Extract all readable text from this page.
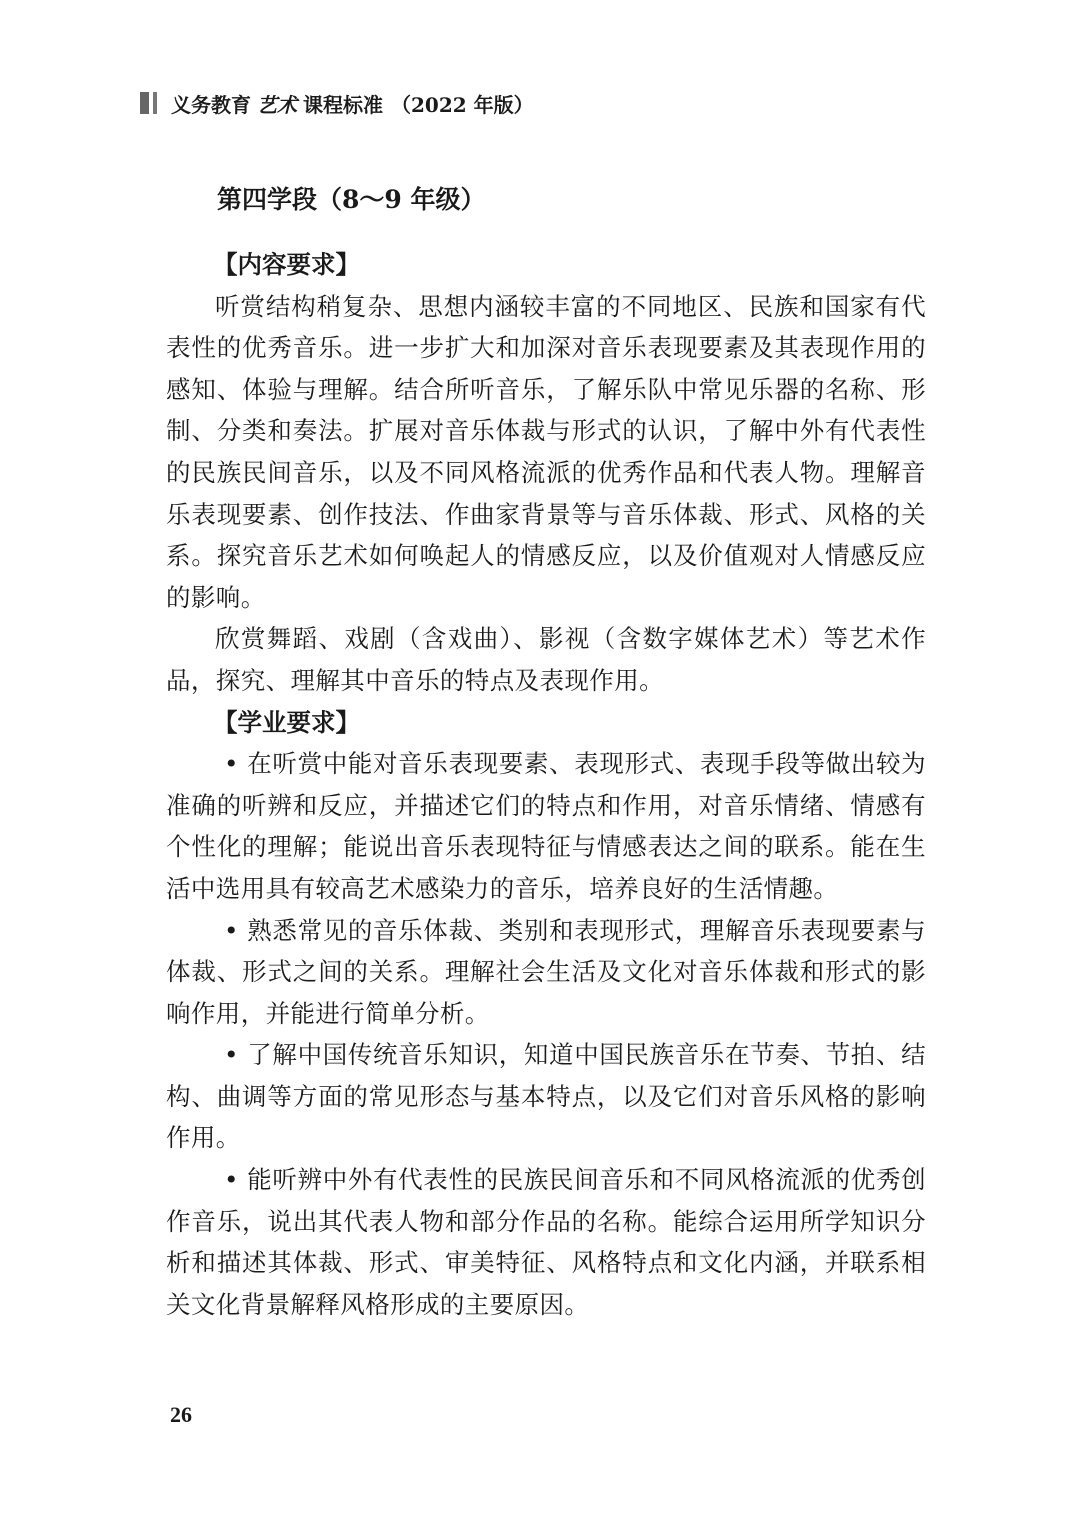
义务教育 艺术 课程标准 （2022 年版）
第四学段（8～9 年级）
【内容要求】

听赏结构稍复杂、思想内涵较丰富的不同地区、民族和国家有代表性的优秀音乐。进一步扩大和加深对音乐表现要素及其表现作用的感知、体验与理解。结合所听音乐，了解乐队中常见乐器的名称、形制、分类和奏法。扩展对音乐体裁与形式的认识，了解中外有代表性的民族民间音乐，以及不同风格流派的优秀作品和代表人物。理解音乐表现要素、创作技法、作曲家背景等与音乐体裁、形式、风格的关系。探究音乐艺术如何唤起人的情感反应，以及价值观对人情感反应的影响。

欣赏舞蹈、戏剧（含戏曲）、影视（含数字媒体艺术）等艺术作品，探究、理解其中音乐的特点及表现作用。

【学业要求】

• 在听赏中能对音乐表现要素、表现形式、表现手段等做出较为准确的听辨和反应，并描述它们的特点和作用，对音乐情绪、情感有个性化的理解；能说出音乐表现特征与情感表达之间的联系。能在生活中选用具有较高艺术感染力的音乐，培养良好的生活情趣。

• 熟悉常见的音乐体裁、类别和表现形式，理解音乐表现要素与体裁、形式之间的关系。理解社会生活及文化对音乐体裁和形式的影响作用，并能进行简单分析。

• 了解中国传统音乐知识，知道中国民族音乐在节奏、节拍、结构、曲调等方面的常见形态与基本特点，以及它们对音乐风格的影响作用。

• 能听辨中外有代表性的民族民间音乐和不同风格流派的优秀创作音乐，说出其代表人物和部分作品的名称。能综合运用所学知识分析和描述其体裁、形式、审美特征、风格特点和文化内涵，并联系相关文化背景解释风格形成的主要原因。

26
